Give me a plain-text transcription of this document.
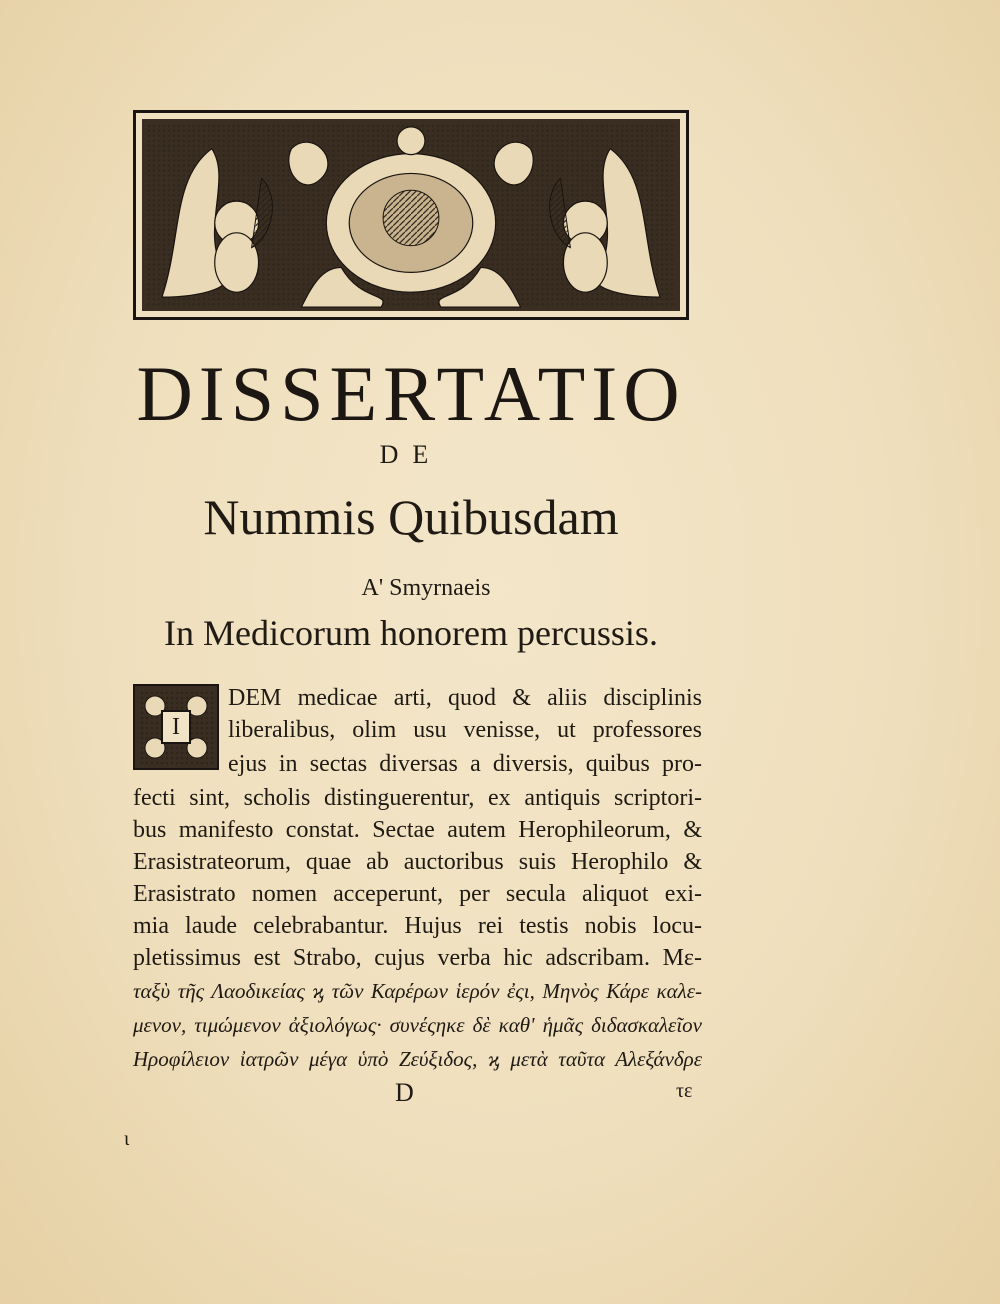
DISSERTATIO
DE
Nummis Quibusdam
A' Smyrnaeis
In Medicorum honorem percussis.
I
DEM medicae arti, quod & aliis disciplinis
liberalibus, olim usu venisse, ut professores
ejus in sectas diversas a diversis, quibus pro-
fecti sint, scholis distinguerentur, ex antiquis scriptori-
bus manifesto constat. Sectae autem Herophileorum, &
Erasistrateorum, quae ab auctoribus suis Herophilo &
Erasistrato nomen acceperunt, per secula aliquot exi-
mia laude celebrabantur. Hujus rei testis nobis locu-
pletissimus est Strabo, cujus verba hic adscribam. Με-
ταξὺ τῆς Λαοδικείας ϗ τῶν Καρέρων ἱερόν ἐςι, Μηνὸς Κάρε καλε-
μενον, τιμώμενον ἀξιολόγως· συνέςηκε δὲ καθ' ἡμᾶς διδασκαλεῖον
Ηροφίλειον ἰατρῶν μέγα ὑπὸ Ζεύξιδος, ϗ μετὰ ταῦτα Αλεξάνδρε
D	τε
ι
